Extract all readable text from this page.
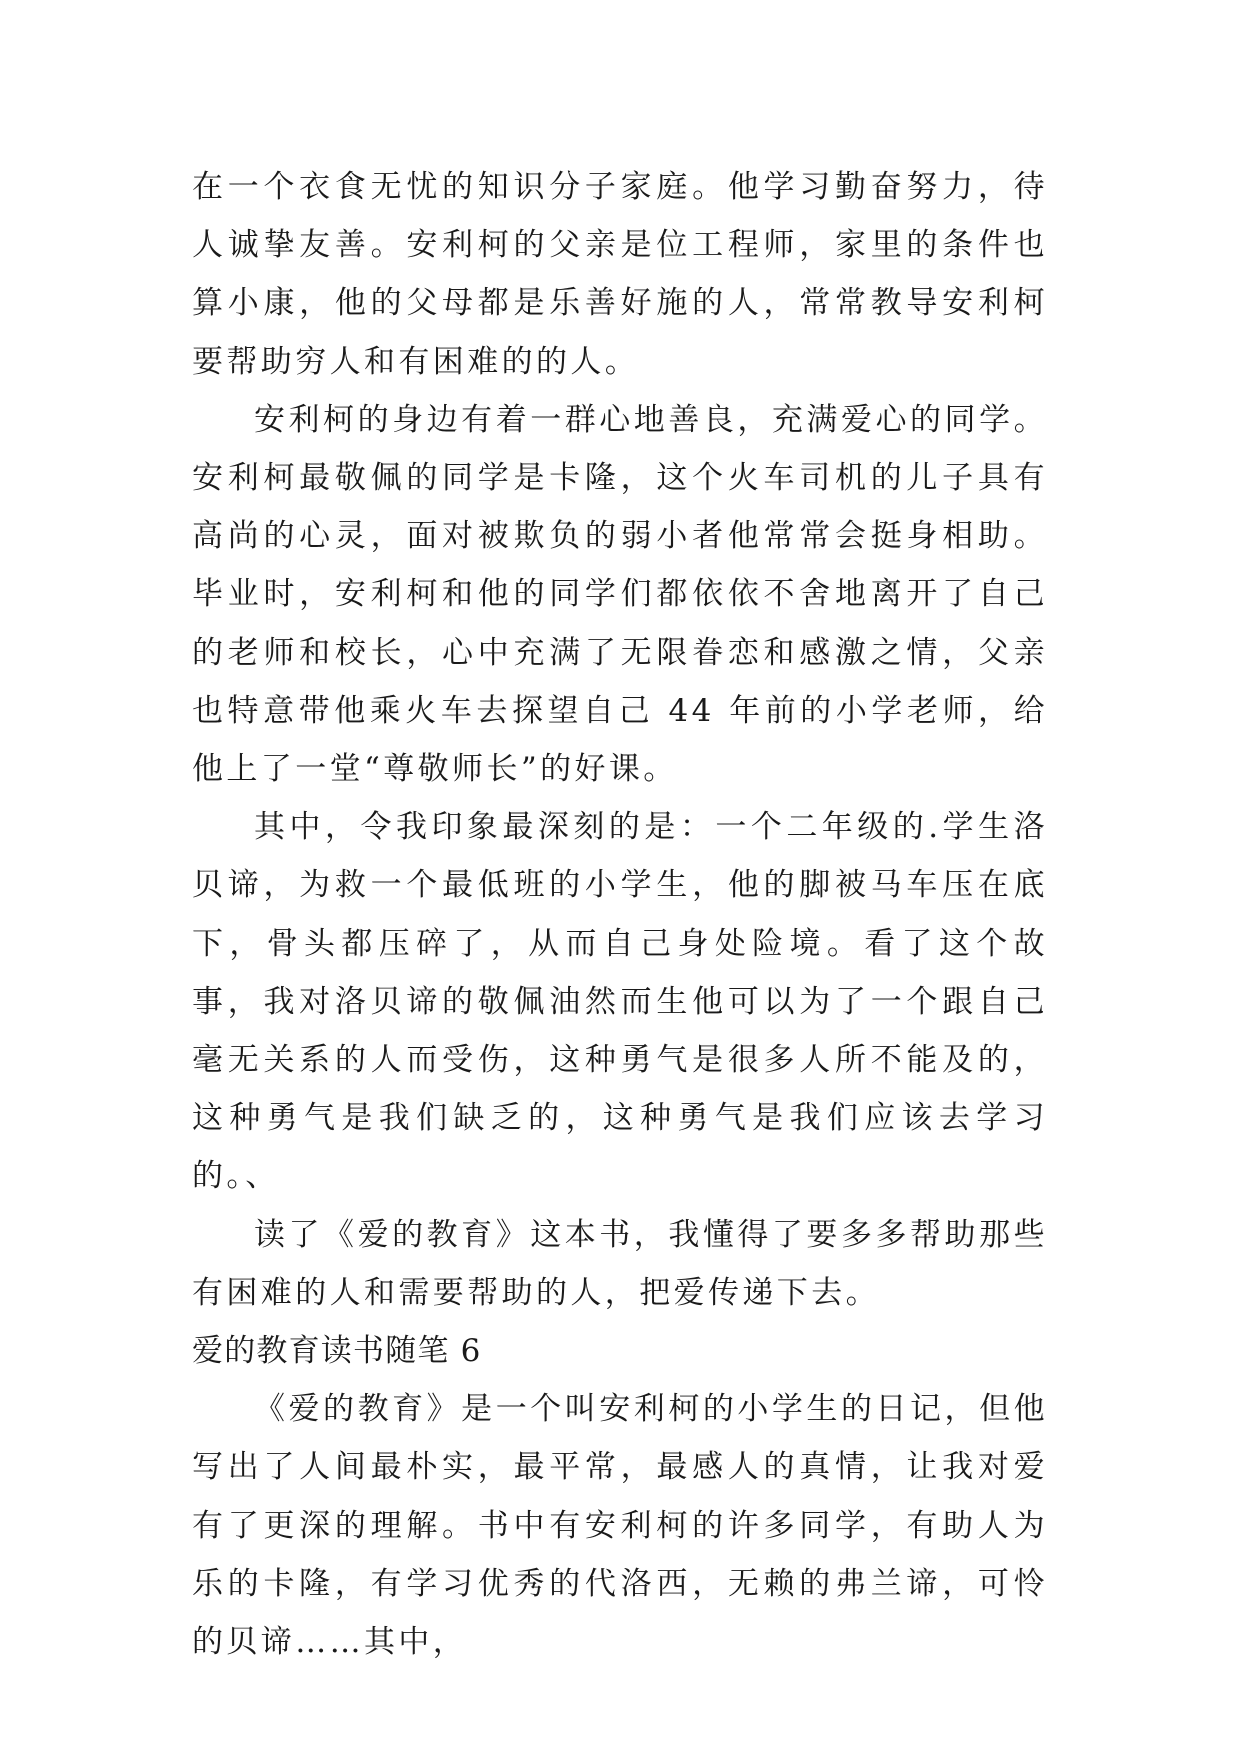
在一个衣食无忧的知识分子家庭。他学习勤奋努力，待人诚挚友善。安利柯的父亲是位工程师，家里的条件也算小康，他的父母都是乐善好施的人，常常教导安利柯要帮助穷人和有困难的的人。

安利柯的身边有着一群心地善良，充满爱心的同学。安利柯最敬佩的同学是卡隆，这个火车司机的儿子具有高尚的心灵，面对被欺负的弱小者他常常会挺身相助。毕业时，安利柯和他的同学们都依依不舍地离开了自己的老师和校长，心中充满了无限眷恋和感激之情，父亲也特意带他乘火车去探望自己 44 年前的小学老师，给他上了一堂“尊敬师长”的好课。

其中，令我印象最深刻的是：一个二年级的.学生洛贝谛，为救一个最低班的小学生，他的脚被马车压在底下，骨头都压碎了，从而自己身处险境。看了这个故事，我对洛贝谛的敬佩油然而生他可以为了一个跟自己毫无关系的人而受伤，这种勇气是很多人所不能及的，这种勇气是我们缺乏的，这种勇气是我们应该去学习的。、

读了《爱的教育》这本书，我懂得了要多多帮助那些有困难的人和需要帮助的人，把爱传递下去。

爱的教育读书随笔 6

《爱的教育》是一个叫安利柯的小学生的日记，但他写出了人间最朴实，最平常，最感人的真情，让我对爱有了更深的理解。书中有安利柯的许多同学，有助人为乐的卡隆，有学习优秀的代洛西，无赖的弗兰谛，可怜的贝谛……其中，
